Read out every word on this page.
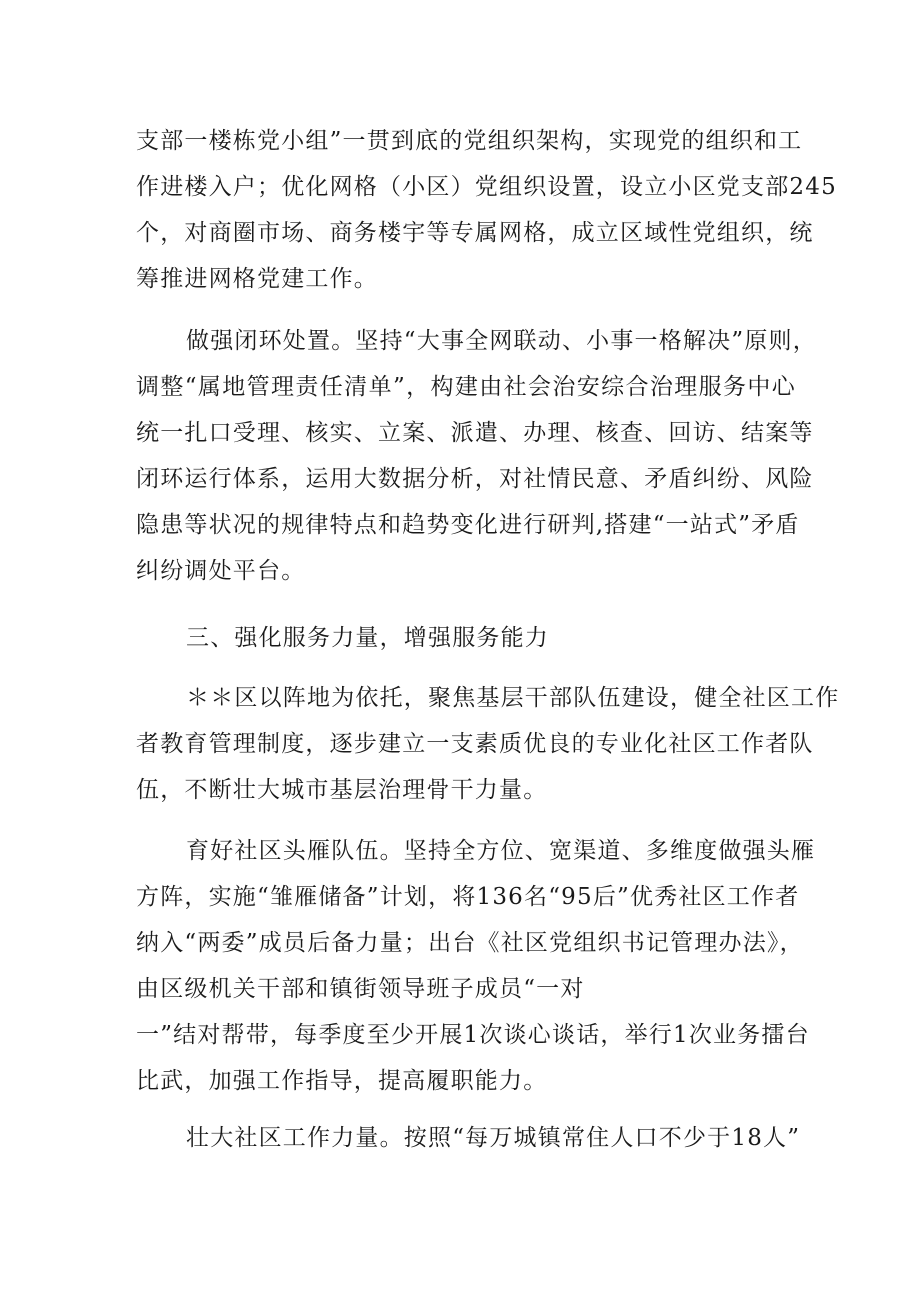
支部一楼栋党小组”一贯到底的党组织架构，实现党的组织和工
作进楼入户；优化网格（小区）党组织设置，设立小区党支部245
个，对商圈市场、商务楼宇等专属网格，成立区域性党组织，统
筹推进网格党建工作。
做强闭环处置。坚持“大事全网联动、小事一格解决”原则，
调整“属地管理责任清单”，构建由社会治安综合治理服务中心
统一扎口受理、核实、立案、派遣、办理、核查、回访、结案等
闭环运行体系，运用大数据分析，对社情民意、矛盾纠纷、风险
隐患等状况的规律特点和趋势变化进行研判,搭建“一站式”矛盾
纠纷调处平台。
三、强化服务力量，增强服务能力
＊＊区以阵地为依托，聚焦基层干部队伍建设，健全社区工作
者教育管理制度，逐步建立一支素质优良的专业化社区工作者队
伍，不断壮大城市基层治理骨干力量。
育好社区头雁队伍。坚持全方位、宽渠道、多维度做强头雁
方阵，实施“雏雁储备”计划，将136名“95后”优秀社区工作者
纳入“两委”成员后备力量；出台《社区党组织书记管理办法》，
由区级机关干部和镇街领导班子成员“一对
一”结对帮带，每季度至少开展1次谈心谈话，举行1次业务擂台
比武，加强工作指导，提高履职能力。
壮大社区工作力量。按照“每万城镇常住人口不少于18人”
